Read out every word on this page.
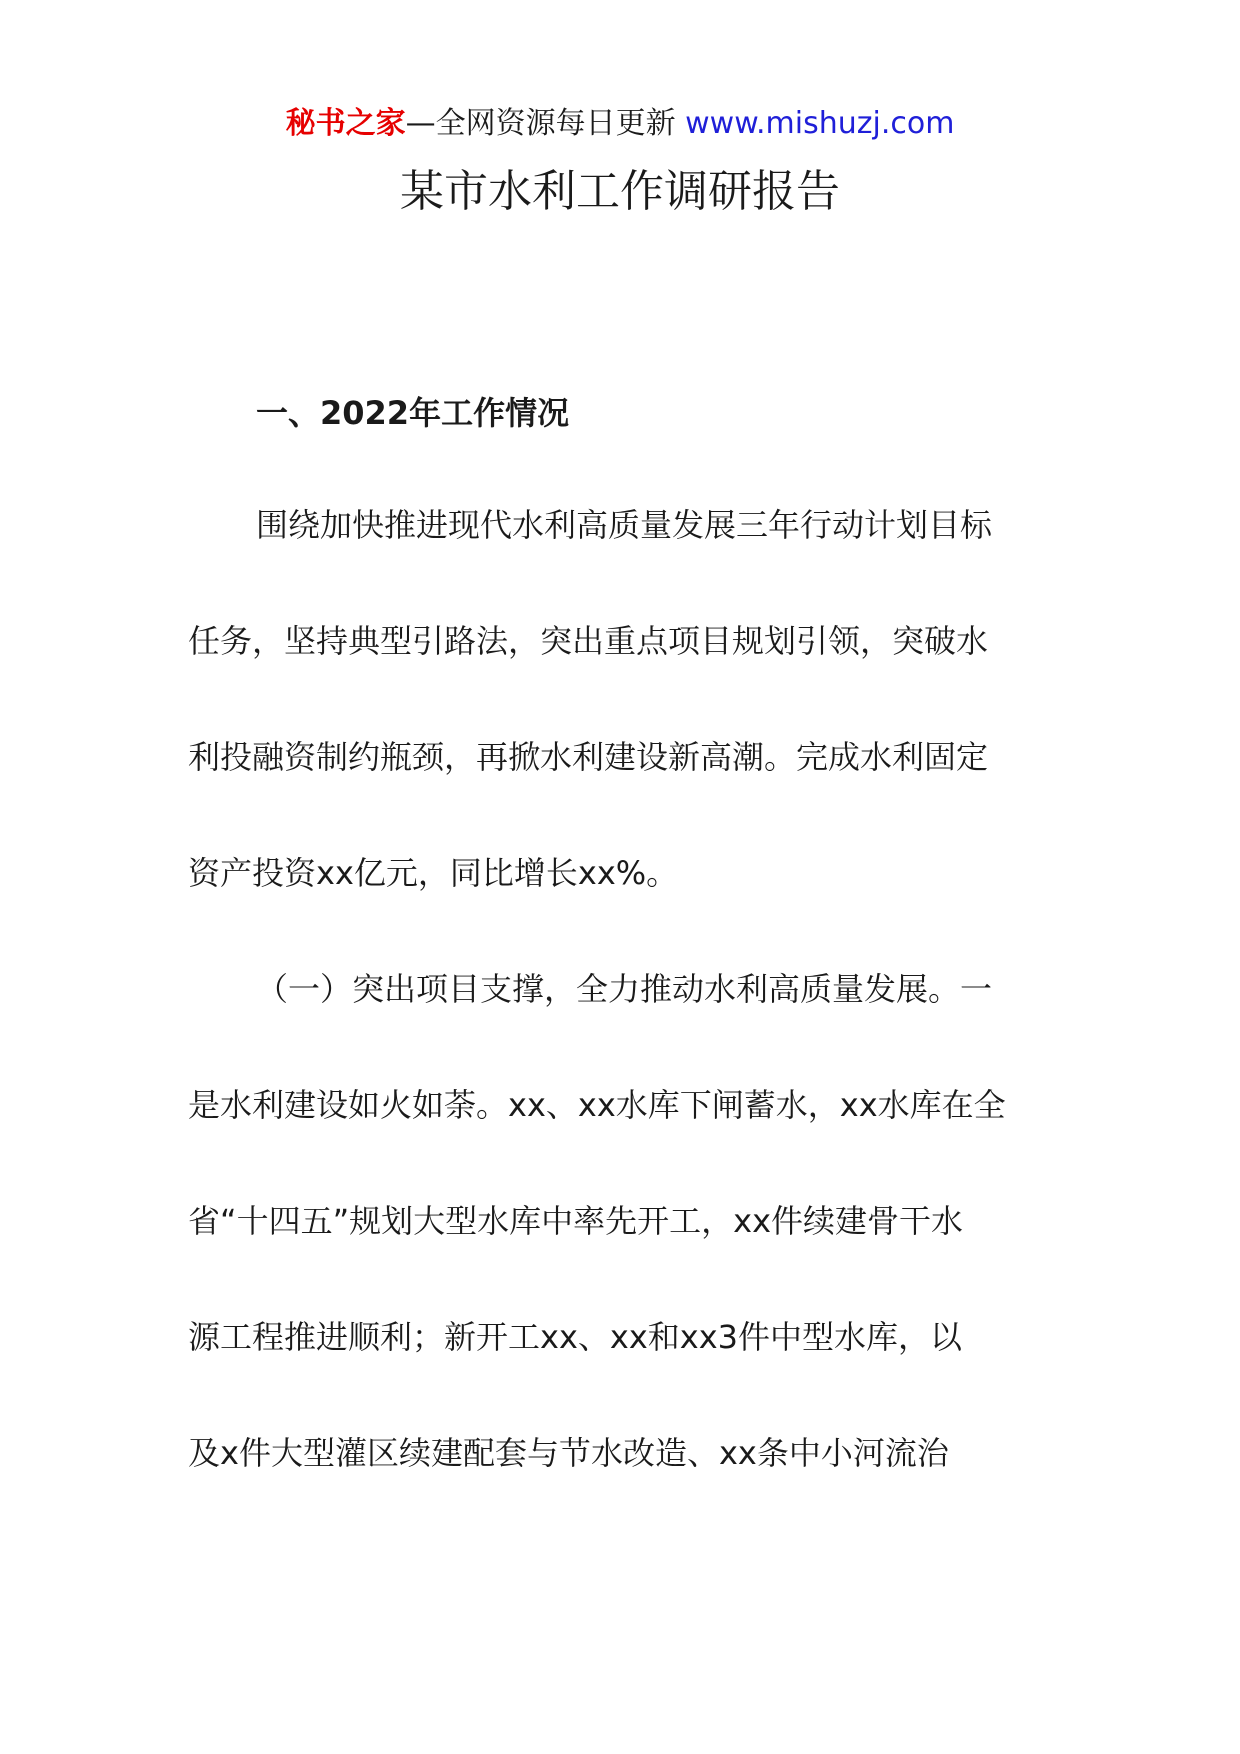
秘书之家—全网资源每日更新 www.mishuzj.com
某市水利工作调研报告
一、2022年工作情况
围绕加快推进现代水利高质量发展三年行动计划目标
任务，坚持典型引路法，突出重点项目规划引领，突破水
利投融资制约瓶颈，再掀水利建设新高潮。完成水利固定
资产投资xx亿元，同比增长xx%。
（一）突出项目支撑，全力推动水利高质量发展。一
是水利建设如火如荼。xx、xx水库下闸蓄水，xx水库在全
省“十四五”规划大型水库中率先开工，xx件续建骨干水
源工程推进顺利；新开工xx、xx和xx3件中型水库，以
及x件大型灌区续建配套与节水改造、xx条中小河流治
